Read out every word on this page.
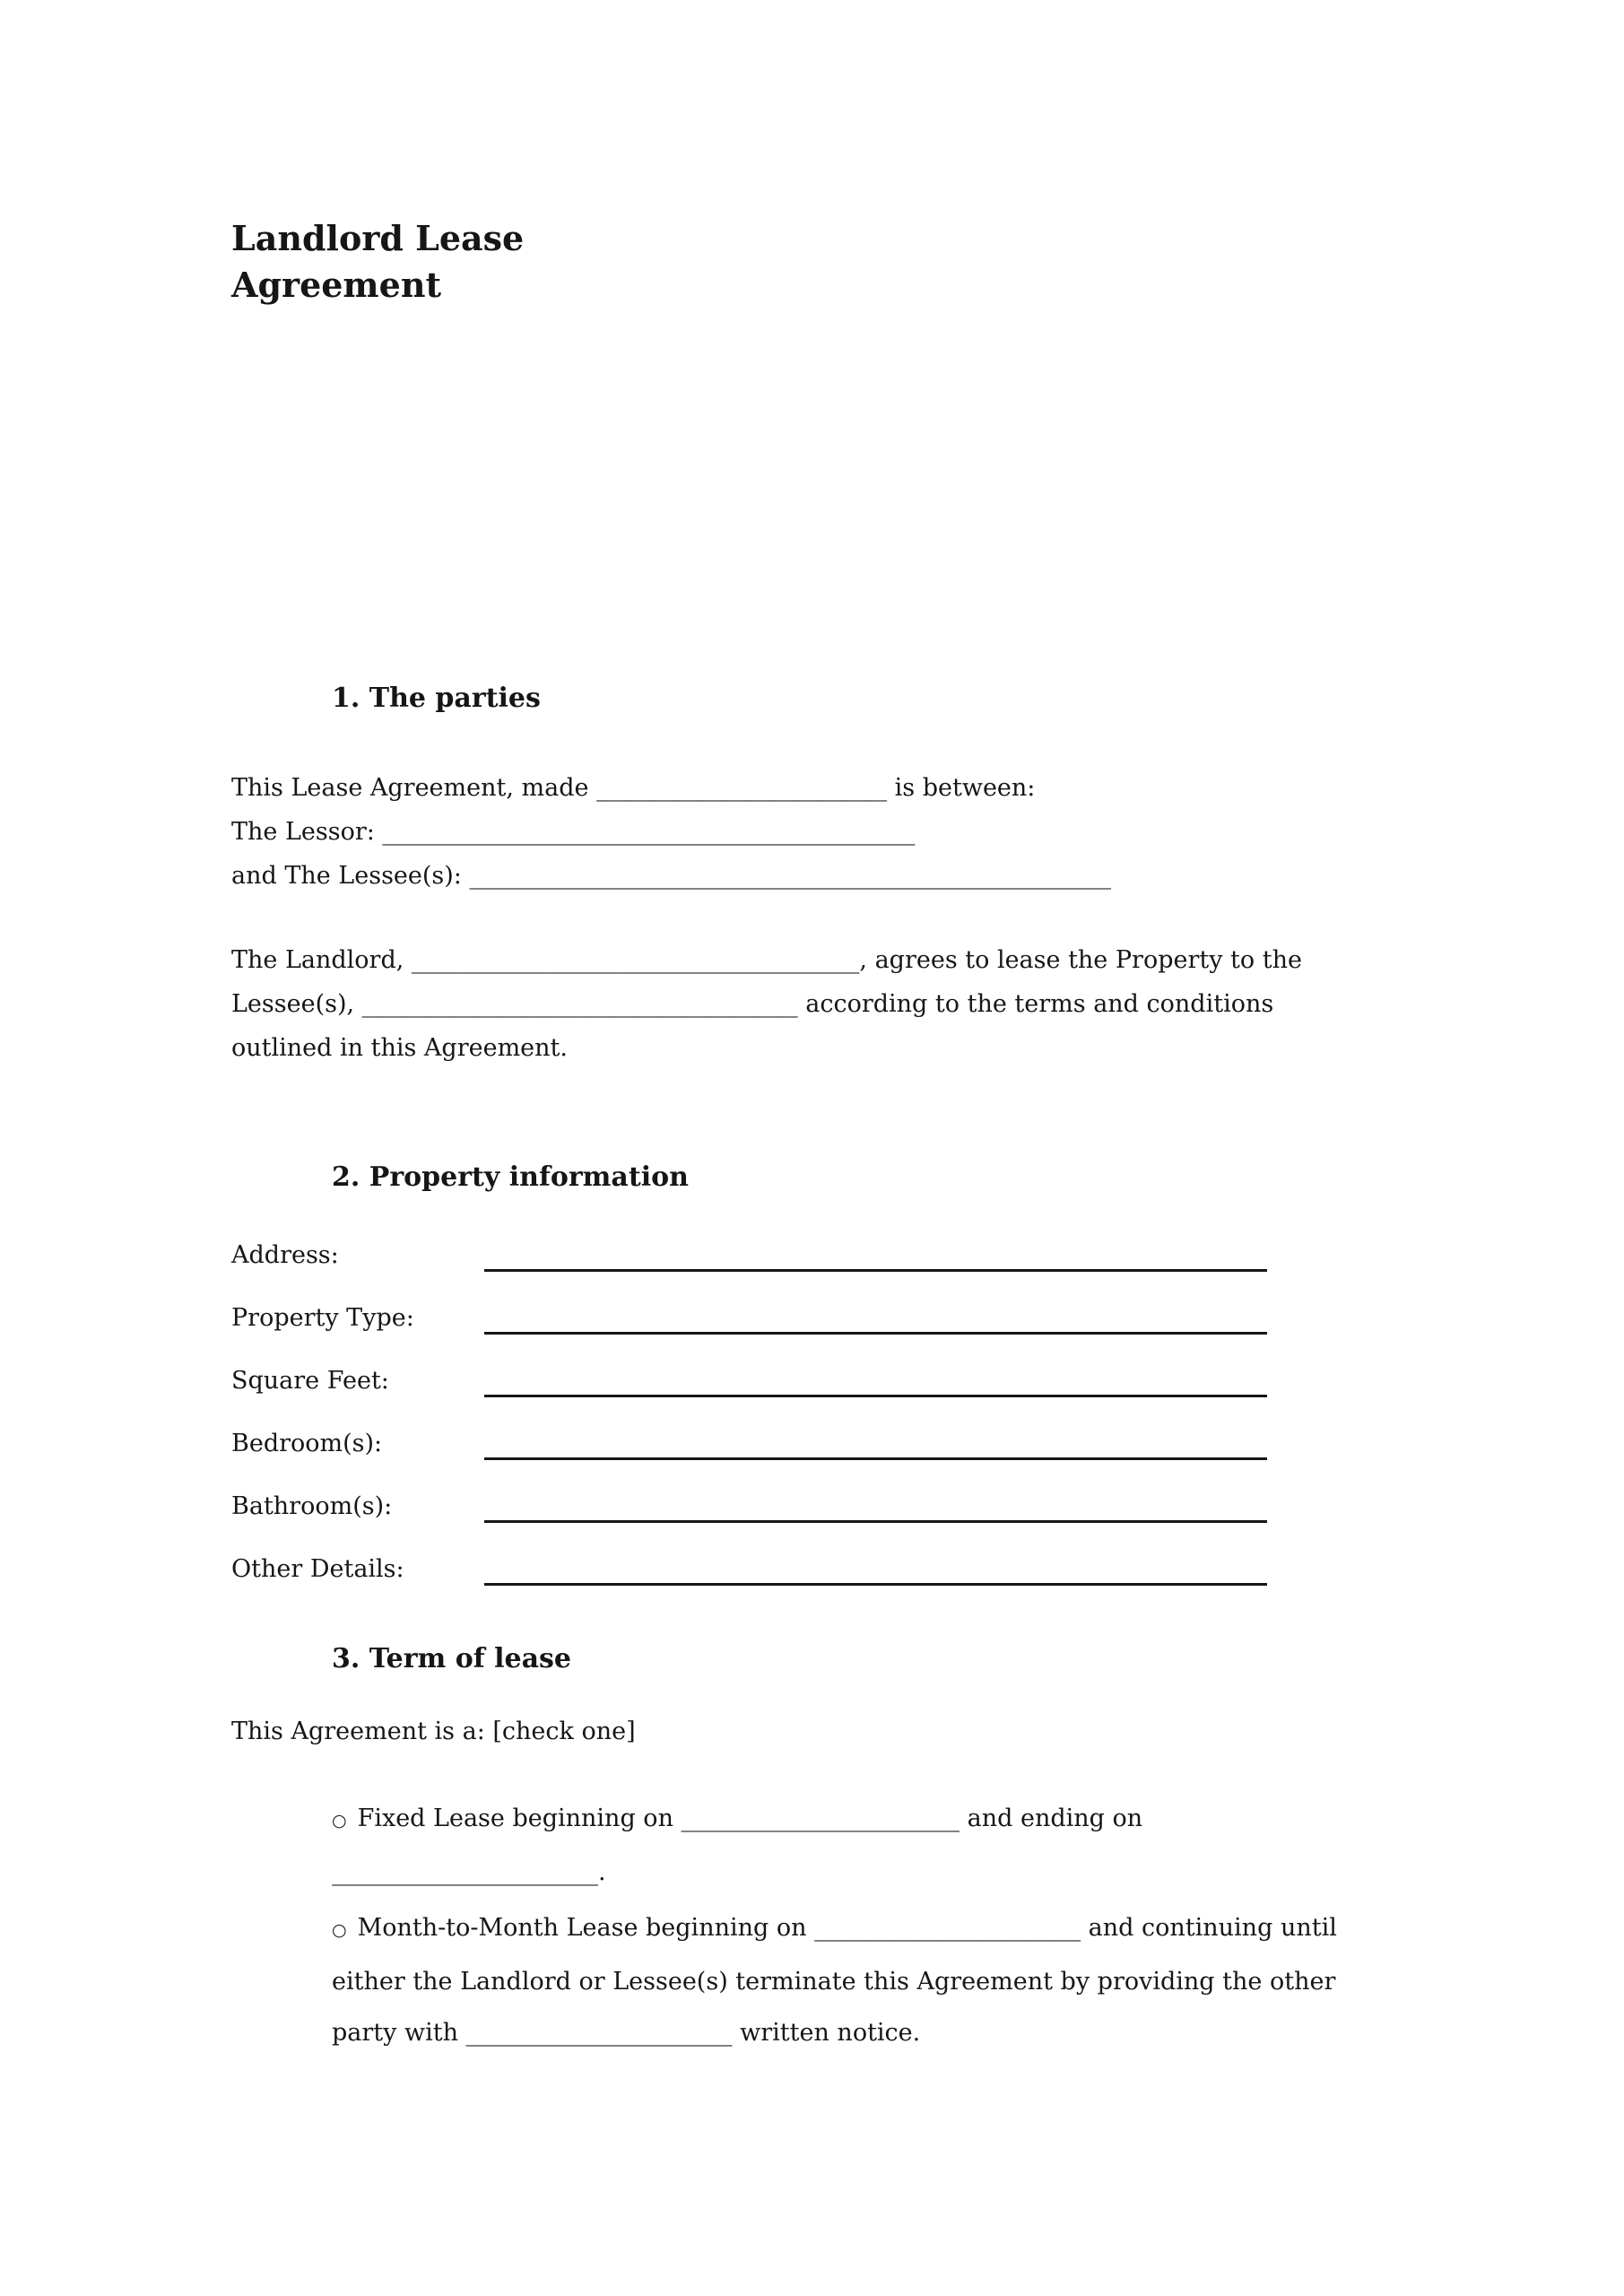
Landlord Lease Agreement
1. The parties
This Lease Agreement, made ________________________ is between:
The Lessor: ____________________________________________
and The Lessee(s): _____________________________________________________
The Landlord, _____________________________________, agrees to lease the Property to the
Lessee(s), ____________________________________ according to the terms and conditions
outlined in this Agreement.
2. Property information
Address:
Property Type:
Square Feet:
Bedroom(s):
Bathroom(s):
Other Details:
3. Term of lease
This Agreement is a: [check one]
○ Fixed Lease beginning on _______________________ and ending on
______________________.
○ Month-to-Month Lease beginning on ______________________ and continuing until
either the Landlord or Lessee(s) terminate this Agreement by providing the other
party with ______________________ written notice.
